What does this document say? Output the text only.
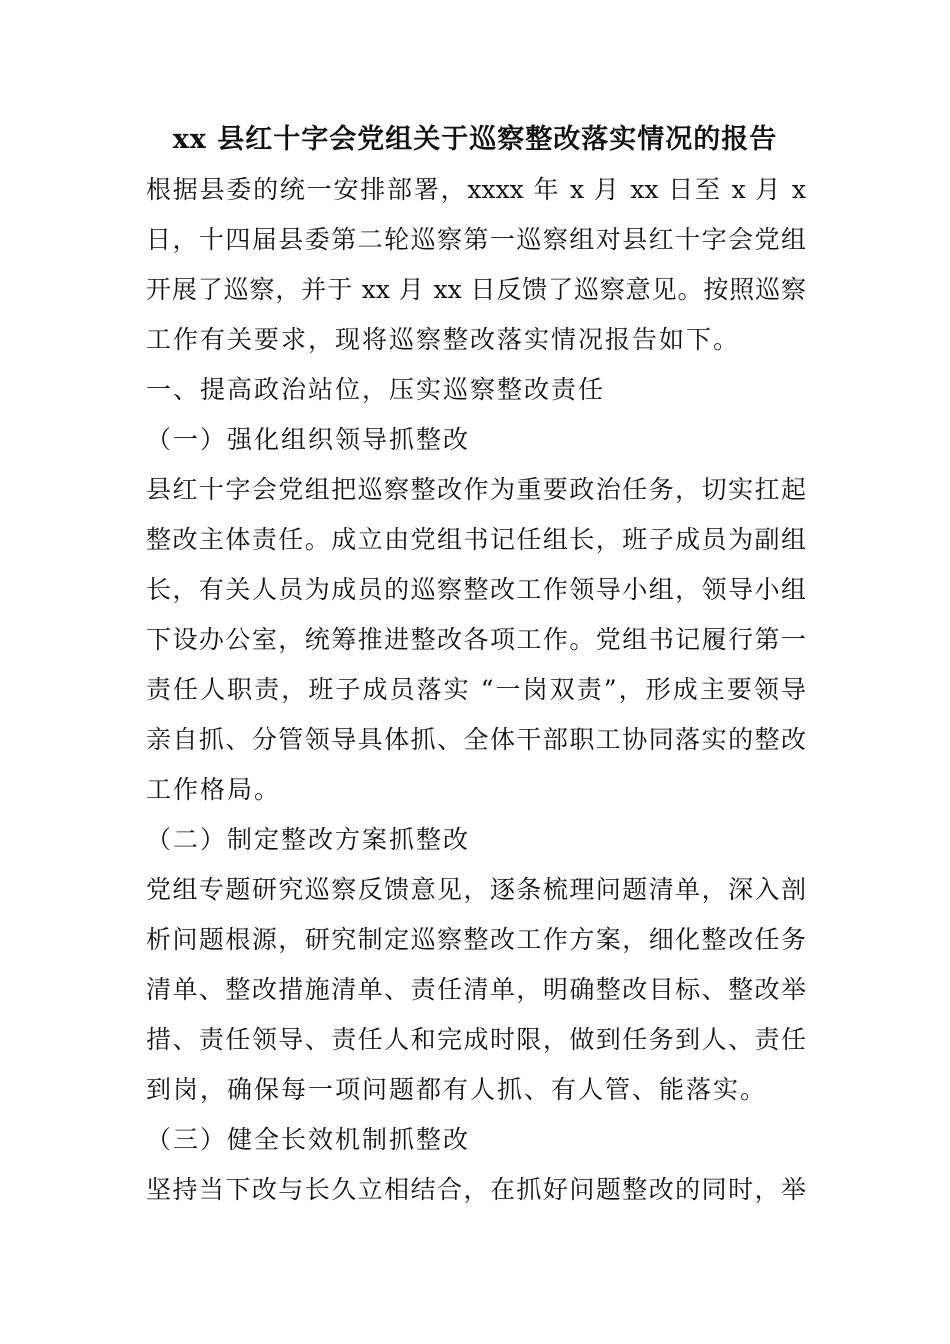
xx 县红十字会党组关于巡察整改落实情况的报告
根据县委的统一安排部署，xxxx 年 x 月 xx 日至 x 月 x
日，十四届县委第二轮巡察第一巡察组对县红十字会党组
开展了巡察，并于 xx 月 xx 日反馈了巡察意见。按照巡察
工作有关要求，现将巡察整改落实情况报告如下。
一、提高政治站位，压实巡察整改责任
（一）强化组织领导抓整改
县红十字会党组把巡察整改作为重要政治任务，切实扛起
整改主体责任。成立由党组书记任组长，班子成员为副组
长，有关人员为成员的巡察整改工作领导小组，领导小组
下设办公室，统筹推进整改各项工作。党组书记履行第一
责任人职责，班子成员落实 “一岗双责”，形成主要领导
亲自抓、分管领导具体抓、全体干部职工协同落实的整改
工作格局。
（二）制定整改方案抓整改
党组专题研究巡察反馈意见，逐条梳理问题清单，深入剖
析问题根源，研究制定巡察整改工作方案，细化整改任务
清单、整改措施清单、责任清单，明确整改目标、整改举
措、责任领导、责任人和完成时限，做到任务到人、责任
到岗，确保每一项问题都有人抓、有人管、能落实。
（三）健全长效机制抓整改
坚持当下改与长久立相结合，在抓好问题整改的同时，举
